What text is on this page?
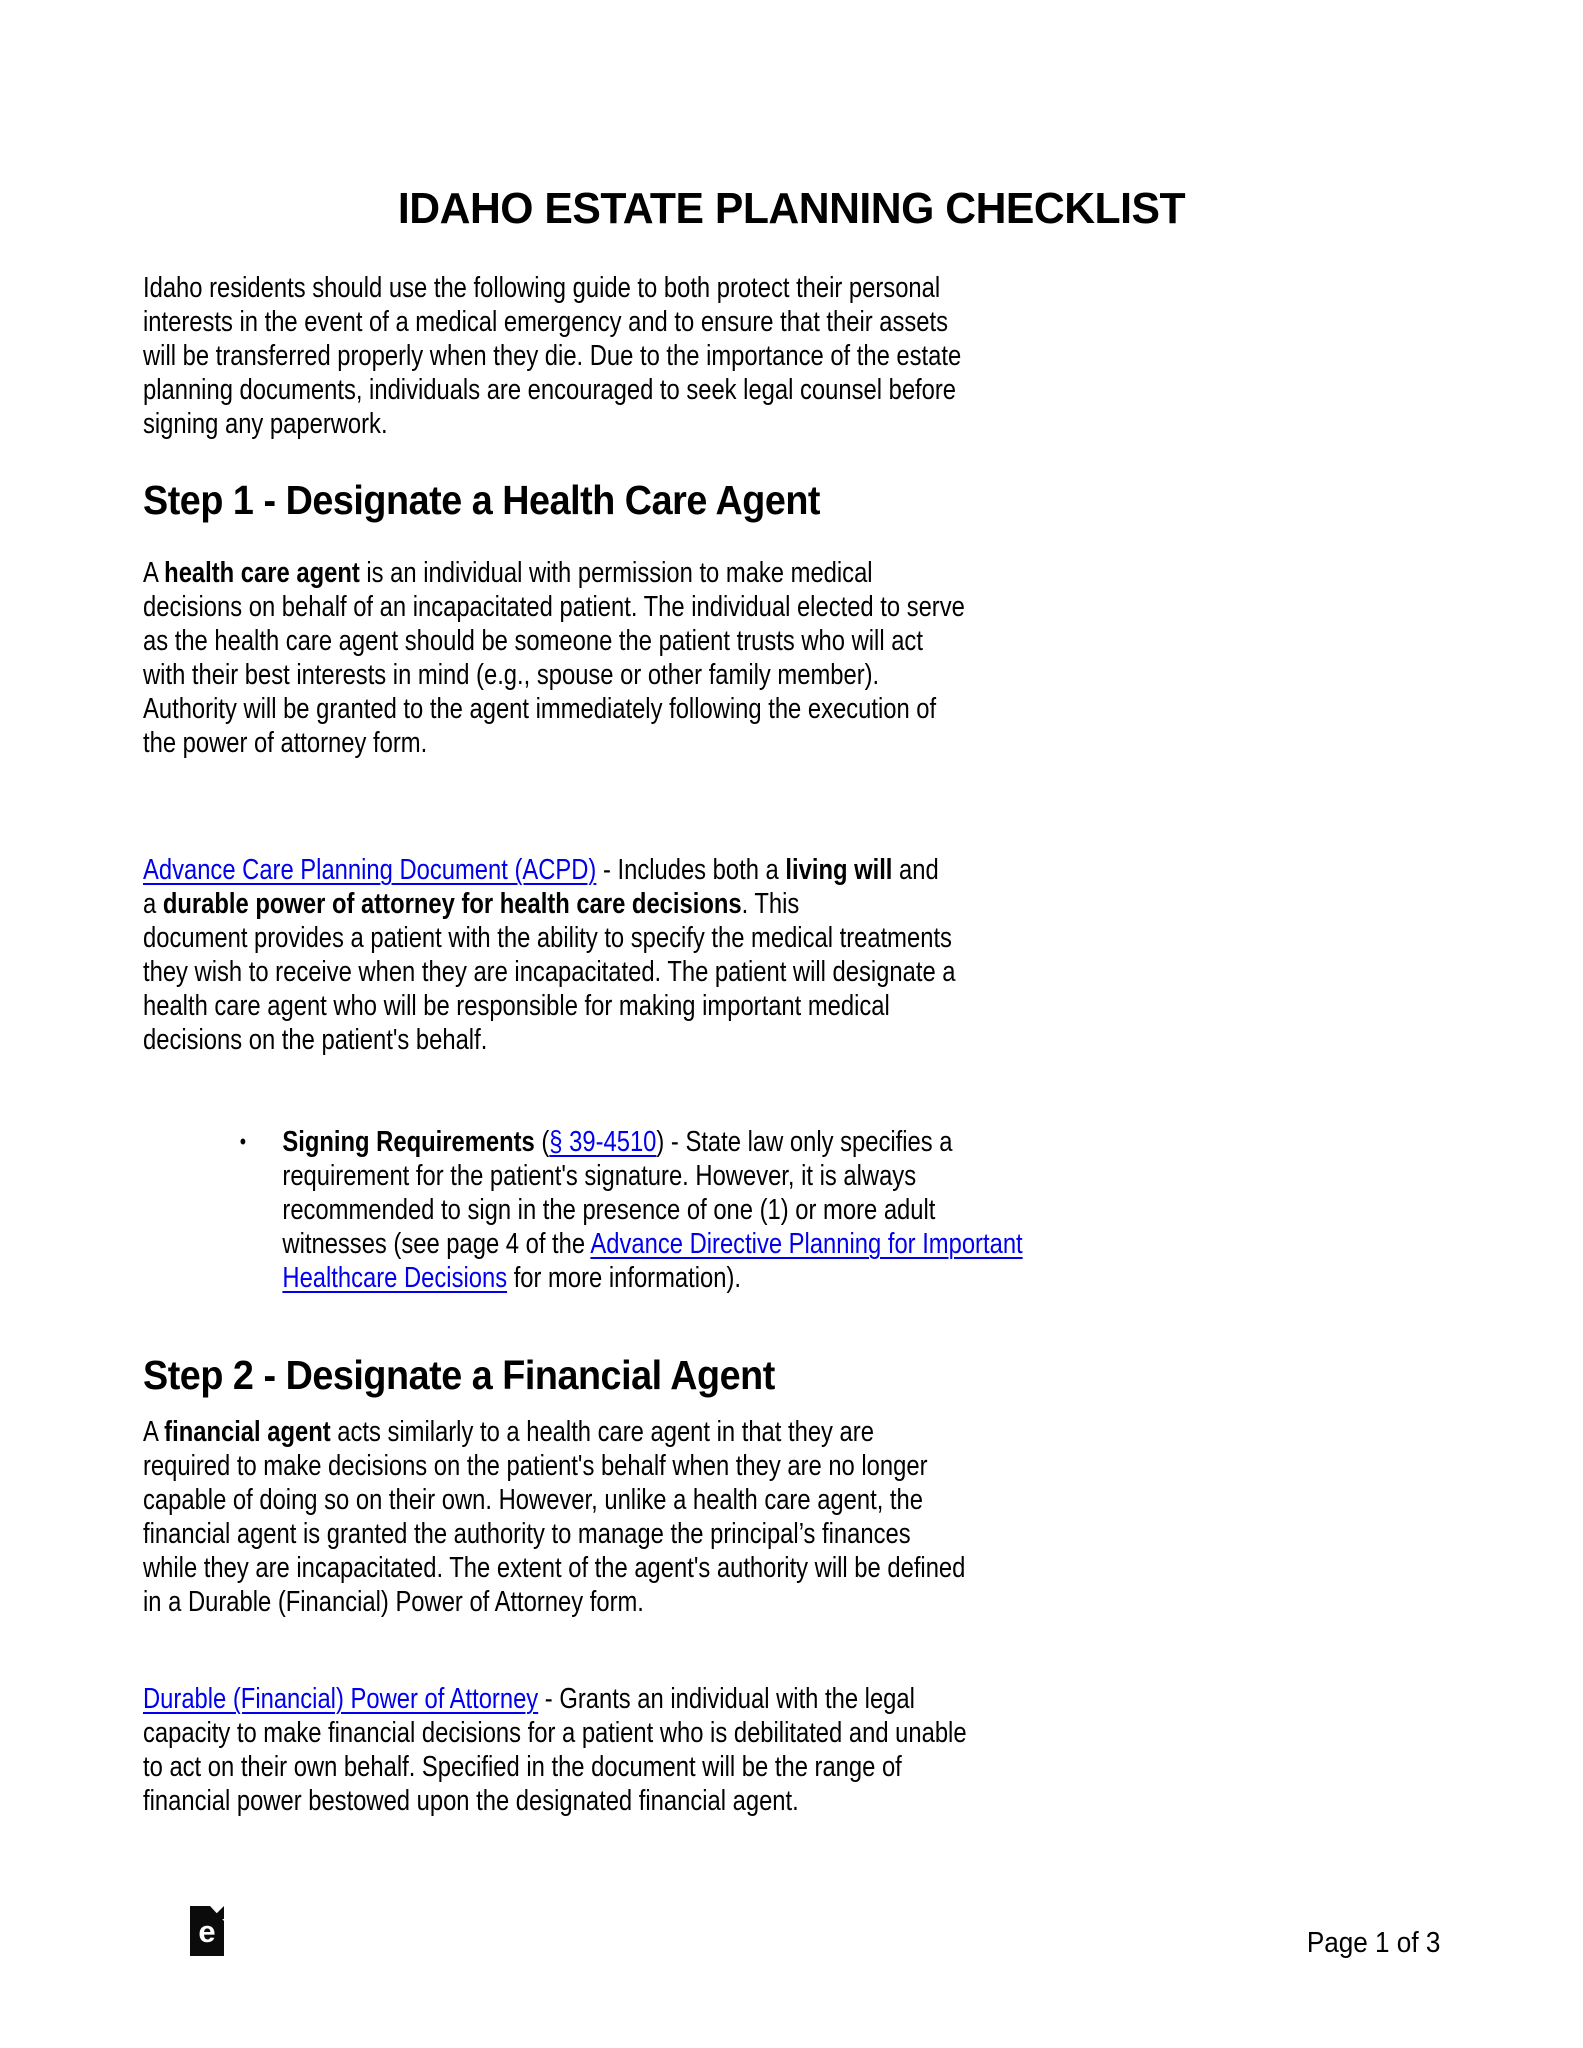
IDAHO ESTATE PLANNING CHECKLIST
Idaho residents should use the following guide to both protect their personal
interests in the event of a medical emergency and to ensure that their assets
will be transferred properly when they die. Due to the importance of the estate
planning documents, individuals are encouraged to seek legal counsel before
signing any paperwork.
Step 1 - Designate a Health Care Agent
A health care agent is an individual with permission to make medical
decisions on behalf of an incapacitated patient. The individual elected to serve
as the health care agent should be someone the patient trusts who will act
with their best interests in mind (e.g., spouse or other family member).
Authority will be granted to the agent immediately following the execution of
the power of attorney form.
Advance Care Planning Document (ACPD) - Includes both a living will and
a durable power of attorney for health care decisions. This
document provides a patient with the ability to specify the medical treatments
they wish to receive when they are incapacitated. The patient will designate a
health care agent who will be responsible for making important medical
decisions on the patient's behalf.
• Signing Requirements (§ 39-4510) - State law only specifies a
requirement for the patient's signature. However, it is always
recommended to sign in the presence of one (1) or more adult
witnesses (see page 4 of the Advance Directive Planning for Important
Healthcare Decisions for more information).
Step 2 - Designate a Financial Agent
A financial agent acts similarly to a health care agent in that they are
required to make decisions on the patient's behalf when they are no longer
capable of doing so on their own. However, unlike a health care agent, the
financial agent is granted the authority to manage the principal’s finances
while they are incapacitated. The extent of the agent's authority will be defined
in a Durable (Financial) Power of Attorney form.
Durable (Financial) Power of Attorney - Grants an individual with the legal
capacity to make financial decisions for a patient who is debilitated and unable
to act on their own behalf. Specified in the document will be the range of
financial power bestowed upon the designated financial agent.
e	Page 1 of 3
